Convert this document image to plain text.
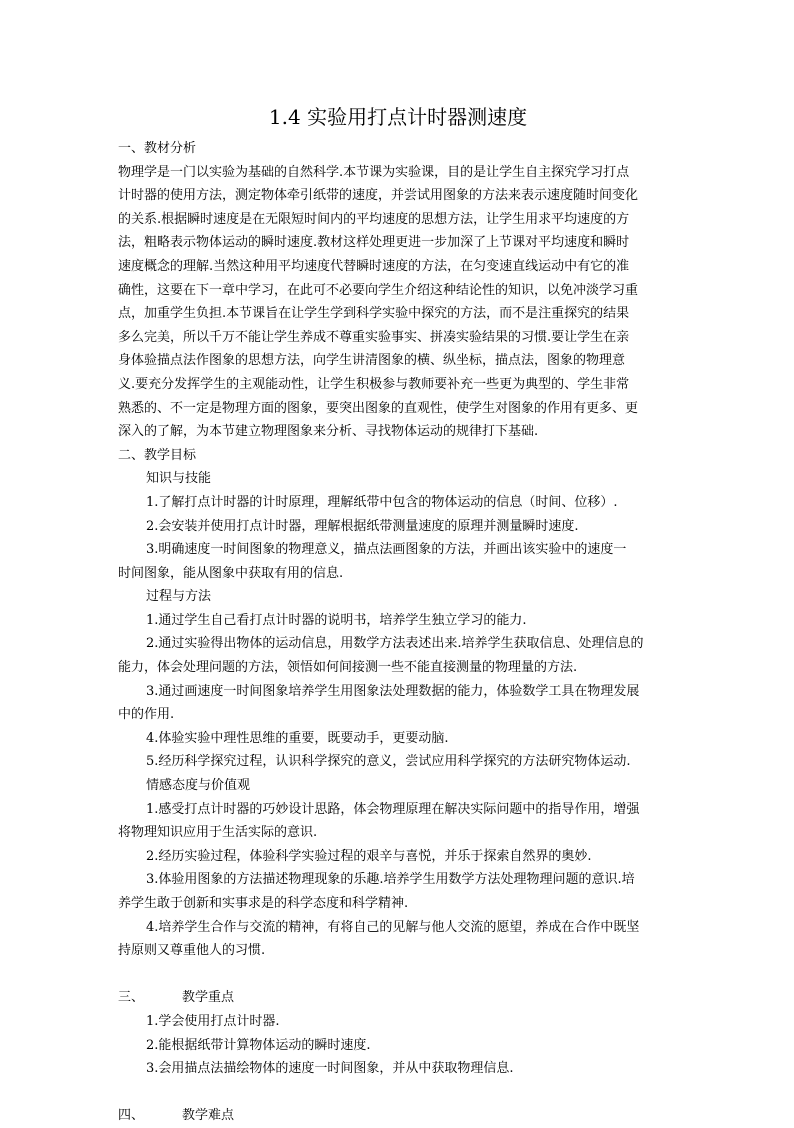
1.4 实验用打点计时器测速度

一、教材分析

物理学是一门以实验为基础的自然科学.本节课为实验课，目的是让学生自主探究学习打点

计时器的使用方法，测定物体牵引纸带的速度，并尝试用图象的方法来表示速度随时间变化

的关系.根据瞬时速度是在无限短时间内的平均速度的思想方法，让学生用求平均速度的方

法，粗略表示物体运动的瞬时速度.教材这样处理更进一步加深了上节课对平均速度和瞬时

速度概念的理解.当然这种用平均速度代替瞬时速度的方法，在匀变速直线运动中有它的准

确性，这要在下一章中学习，在此可不必要向学生介绍这种结论性的知识，以免冲淡学习重

点，加重学生负担.本节课旨在让学生学到科学实验中探究的方法，而不是注重探究的结果

多么完美，所以千万不能让学生养成不尊重实验事实、拼凑实验结果的习惯.要让学生在亲

身体验描点法作图象的思想方法，向学生讲清图象的横、纵坐标，描点法，图象的物理意

义.要充分发挥学生的主观能动性，让学生积极参与教师要补充一些更为典型的、学生非常

熟悉的、不一定是物理方面的图象，要突出图象的直观性，使学生对图象的作用有更多、更

深入的了解，为本节建立物理图象来分析、寻找物体运动的规律打下基础.

二、教学目标

知识与技能

1.了解打点计时器的计时原理，理解纸带中包含的物体运动的信息（时间、位移）.

2.会安装并使用打点计时器，理解根据纸带测量速度的原理并测量瞬时速度.

3.明确速度一时间图象的物理意义，描点法画图象的方法，并画出该实验中的速度一

时间图象，能从图象中获取有用的信息.

过程与方法

1.通过学生自己看打点计时器的说明书，培养学生独立学习的能力.

2.通过实验得出物体的运动信息，用数学方法表述出来.培养学生获取信息、处理信息的

能力，体会处理问题的方法，领悟如何间接测一些不能直接测量的物理量的方法.

3.通过画速度一时间图象培养学生用图象法处理数据的能力，体验数学工具在物理发展

中的作用.

4.体验实验中理性思维的重要，既要动手，更要动脑.

5.经历科学探究过程，认识科学探究的意义，尝试应用科学探究的方法研究物体运动.

情感态度与价值观

1.感受打点计时器的巧妙设计思路，体会物理原理在解决实际问题中的指导作用，增强

将物理知识应用于生活实际的意识.

2.经历实验过程，体验科学实验过程的艰辛与喜悦，并乐于探索自然界的奥妙.

3.体验用图象的方法描述物理现象的乐趣.培养学生用数学方法处理物理问题的意识.培

养学生敢于创新和实事求是的科学态度和科学精神.

4.培养学生合作与交流的精神，有将自己的见解与他人交流的愿望，养成在合作中既坚

持原则又尊重他人的习惯.

三、	教学重点

1.学会使用打点计时器.

2.能根据纸带计算物体运动的瞬时速度.

3.会用描点法描绘物体的速度一时间图象，并从中获取物理信息.

四、	教学难点
